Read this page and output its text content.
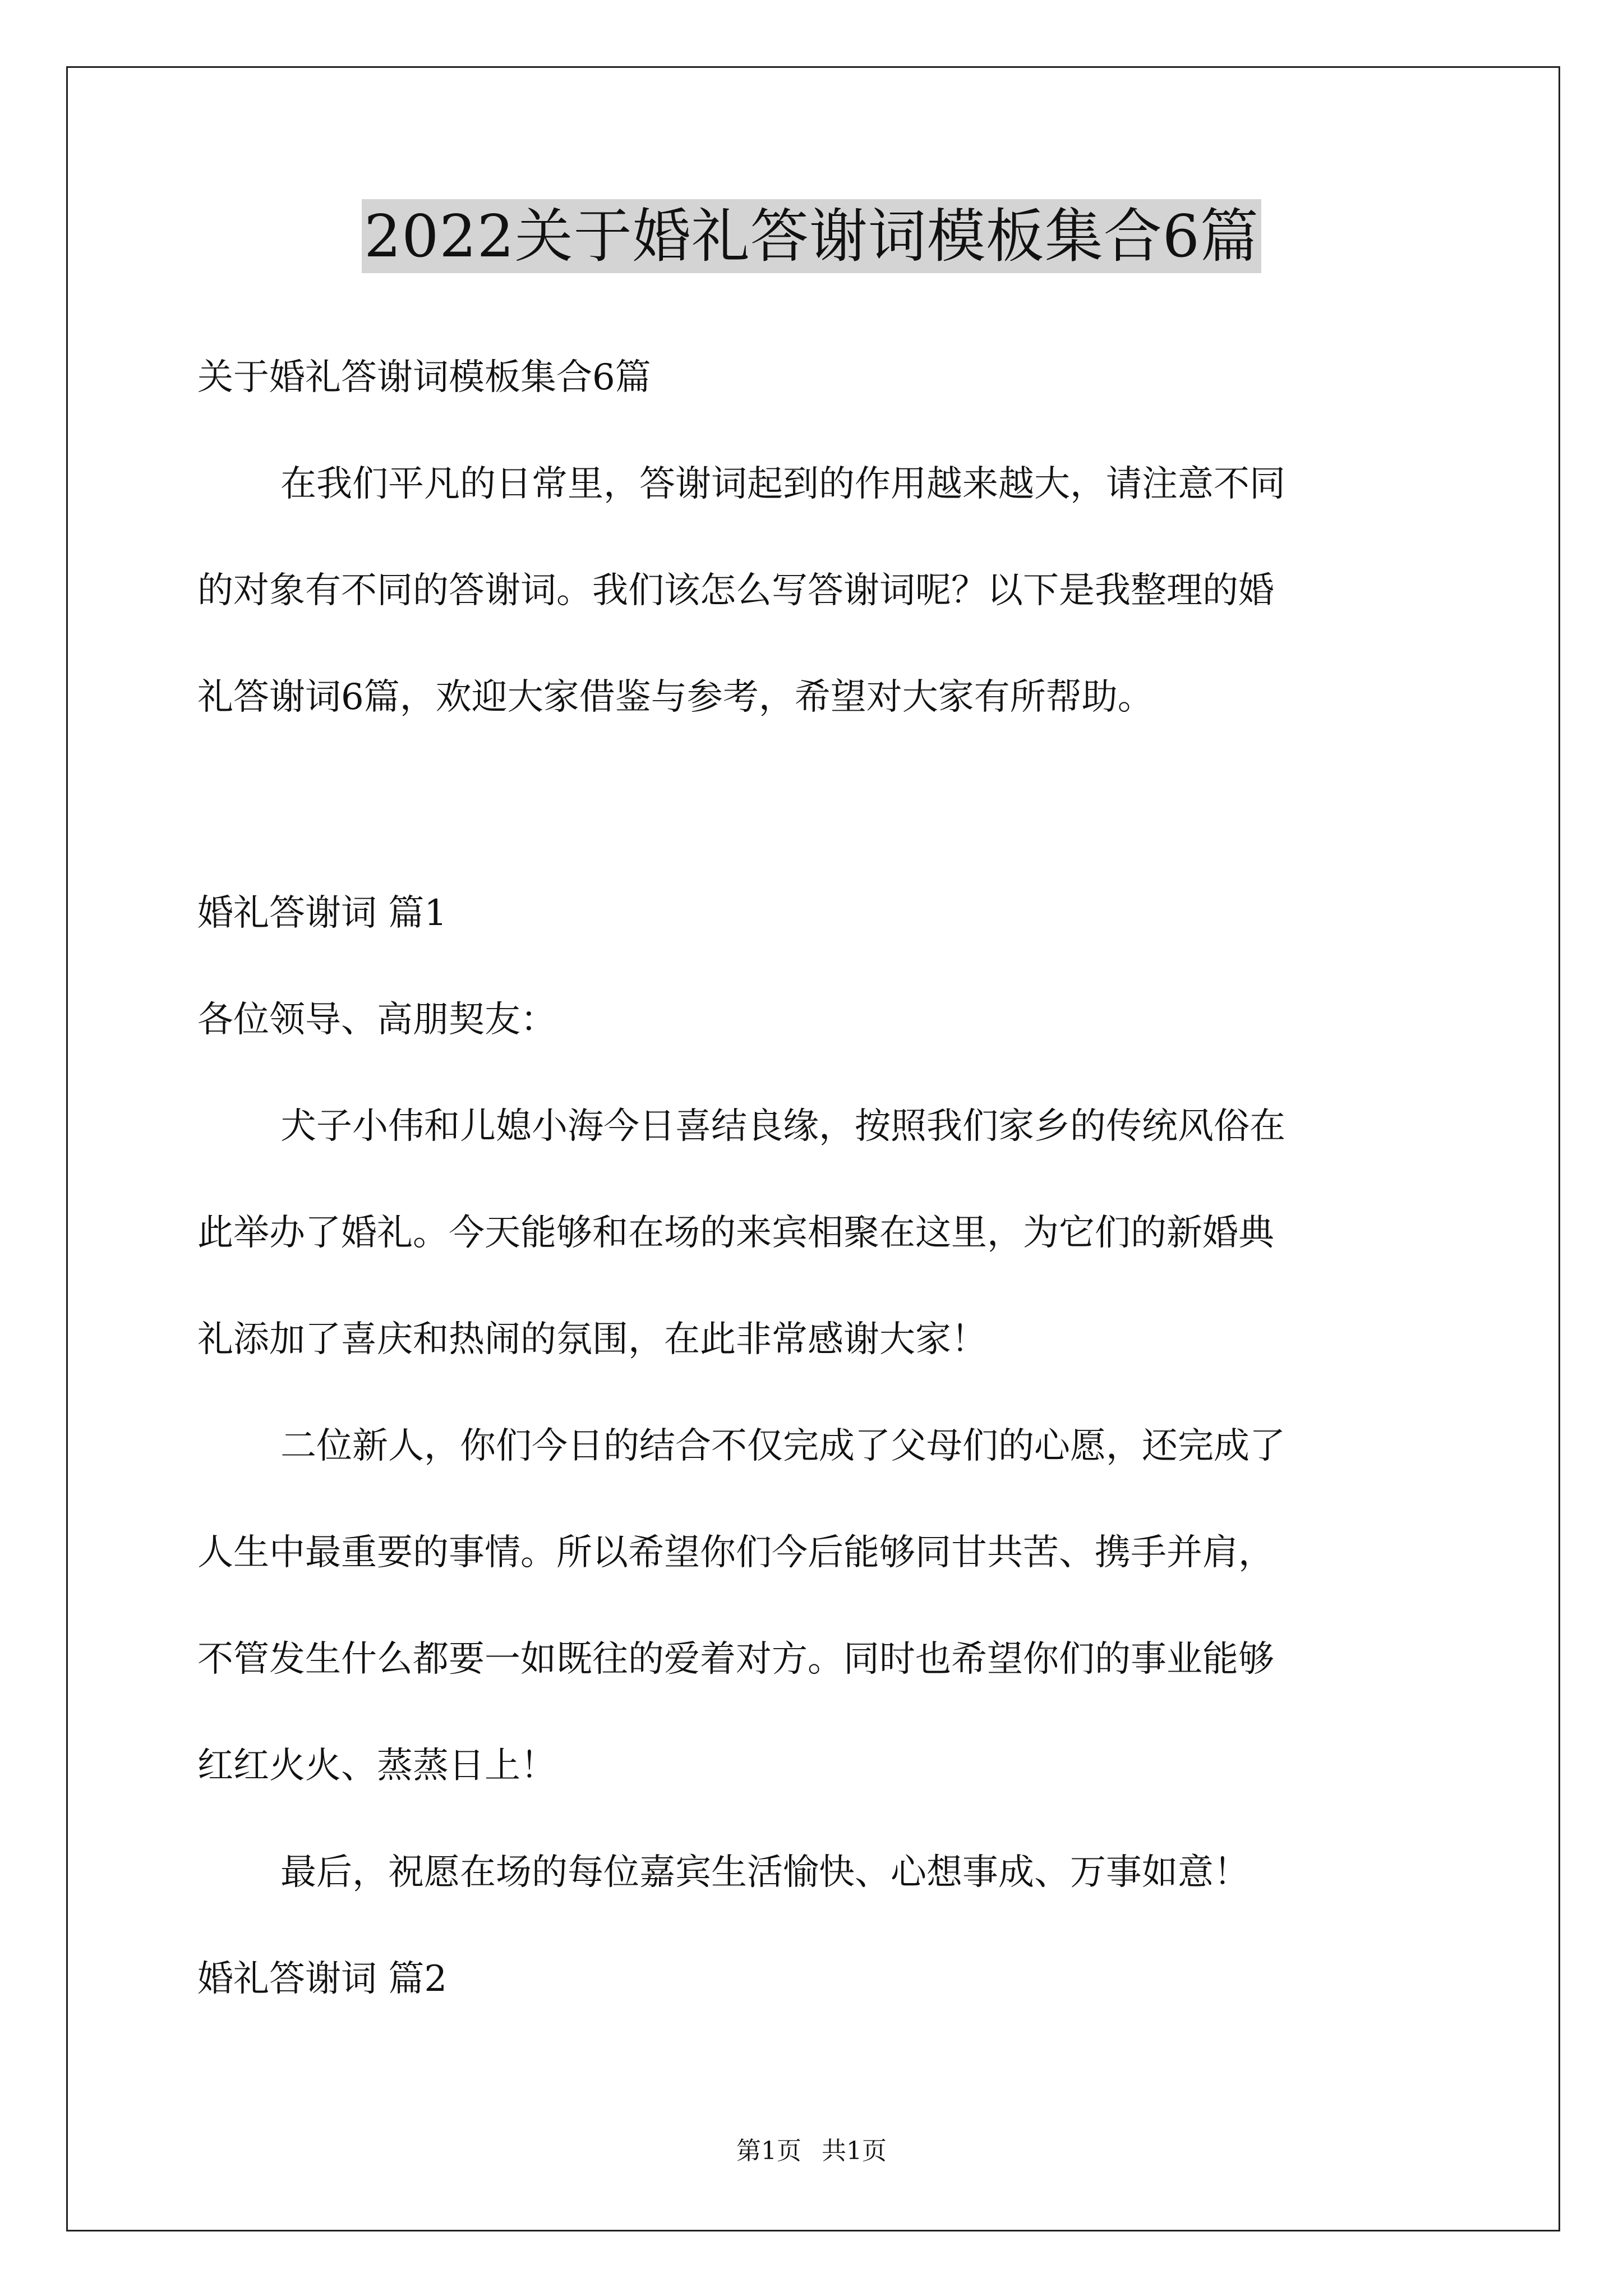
2022关于婚礼答谢词模板集合6篇
关于婚礼答谢词模板集合6篇
在我们平凡的日常里，答谢词起到的作用越来越大，请注意不同
的对象有不同的答谢词。我们该怎么写答谢词呢？以下是我整理的婚
礼答谢词6篇，欢迎大家借鉴与参考，希望对大家有所帮助。
婚礼答谢词 篇1
各位领导、高朋契友：
犬子小伟和儿媳小海今日喜结良缘，按照我们家乡的传统风俗在
此举办了婚礼。今天能够和在场的来宾相聚在这里，为它们的新婚典
礼添加了喜庆和热闹的氛围，在此非常感谢大家！
二位新人，你们今日的结合不仅完成了父母们的心愿，还完成了
人生中最重要的事情。所以希望你们今后能够同甘共苦、携手并肩，
不管发生什么都要一如既往的爱着对方。同时也希望你们的事业能够
红红火火、蒸蒸日上！
最后，祝愿在场的每位嘉宾生活愉快、心想事成、万事如意！
婚礼答谢词 篇2
第1页 共1页
